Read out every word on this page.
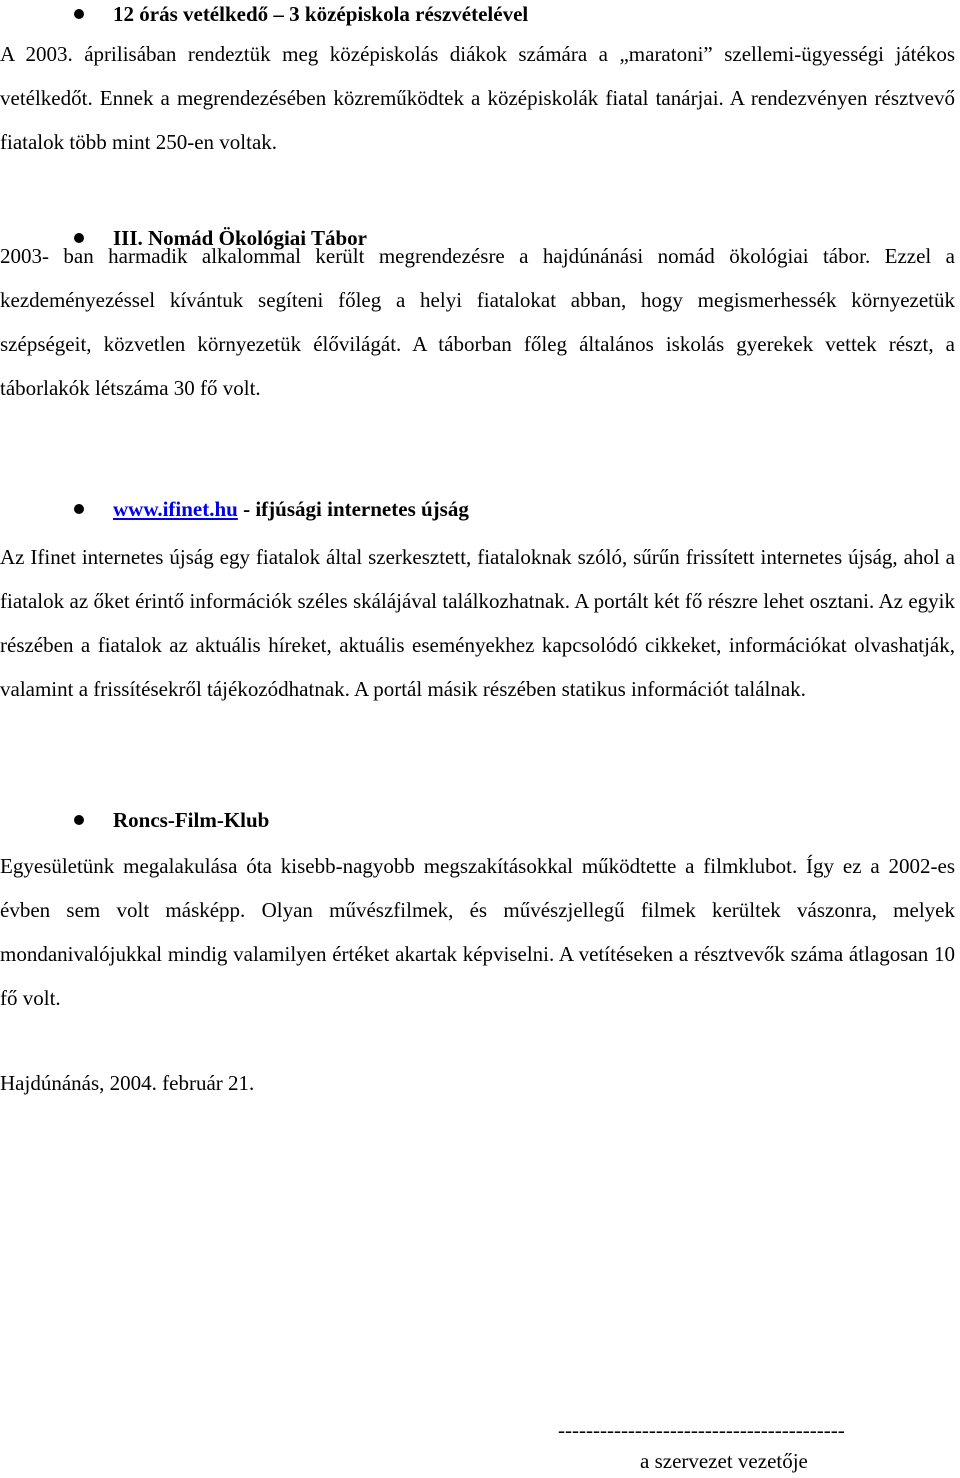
12 órás vetélkedő – 3 középiskola részvételével

A 2003. áprilisában rendeztük meg középiskolás diákok számára a „maratoni” szellemi-ügyességi játékos vetélkedőt. Ennek a megrendezésében közreműködtek a középiskolák fiatal tanárjai. A rendezvényen résztvevő fiatalok több mint 250-en voltak.

III. Nomád Ökológiai Tábor

2003- ban harmadik alkalommal került megrendezésre a hajdúnánási nomád ökológiai tábor. Ezzel a kezdeményezéssel kívántuk segíteni főleg a helyi fiatalokat abban, hogy megismerhessék környezetük szépségeit, közvetlen környezetük élővilágát. A táborban főleg általános iskolás gyerekek vettek részt, a táborlakók létszáma 30 fő volt.

www.ifinet.hu - ifjúsági internetes újság

Az Ifinet internetes újság egy fiatalok által szerkesztett, fiataloknak szóló, sűrűn frissített internetes újság, ahol a fiatalok az őket érintő információk széles skálájával találkozhatnak. A portált két fő részre lehet osztani. Az egyik részében a fiatalok az aktuális híreket, aktuális eseményekhez kapcsolódó cikkeket, információkat olvashatják, valamint a frissítésekről tájékozódhatnak. A portál másik részében statikus információt találnak.

Roncs-Film-Klub

Egyesületünk megalakulása óta kisebb-nagyobb megszakításokkal működtette a filmklubot. Így ez a 2002-es évben sem volt másképp. Olyan művészfilmek, és művészjellegű filmek kerültek vászonra, melyek mondanivalójukkal mindig valamilyen értéket akartak képviselni. A vetítéseken a résztvevők száma átlagosan 10 fő volt.

Hajdúnánás, 2004. február 21.
-----------------------------------------
a szervezet vezetője
